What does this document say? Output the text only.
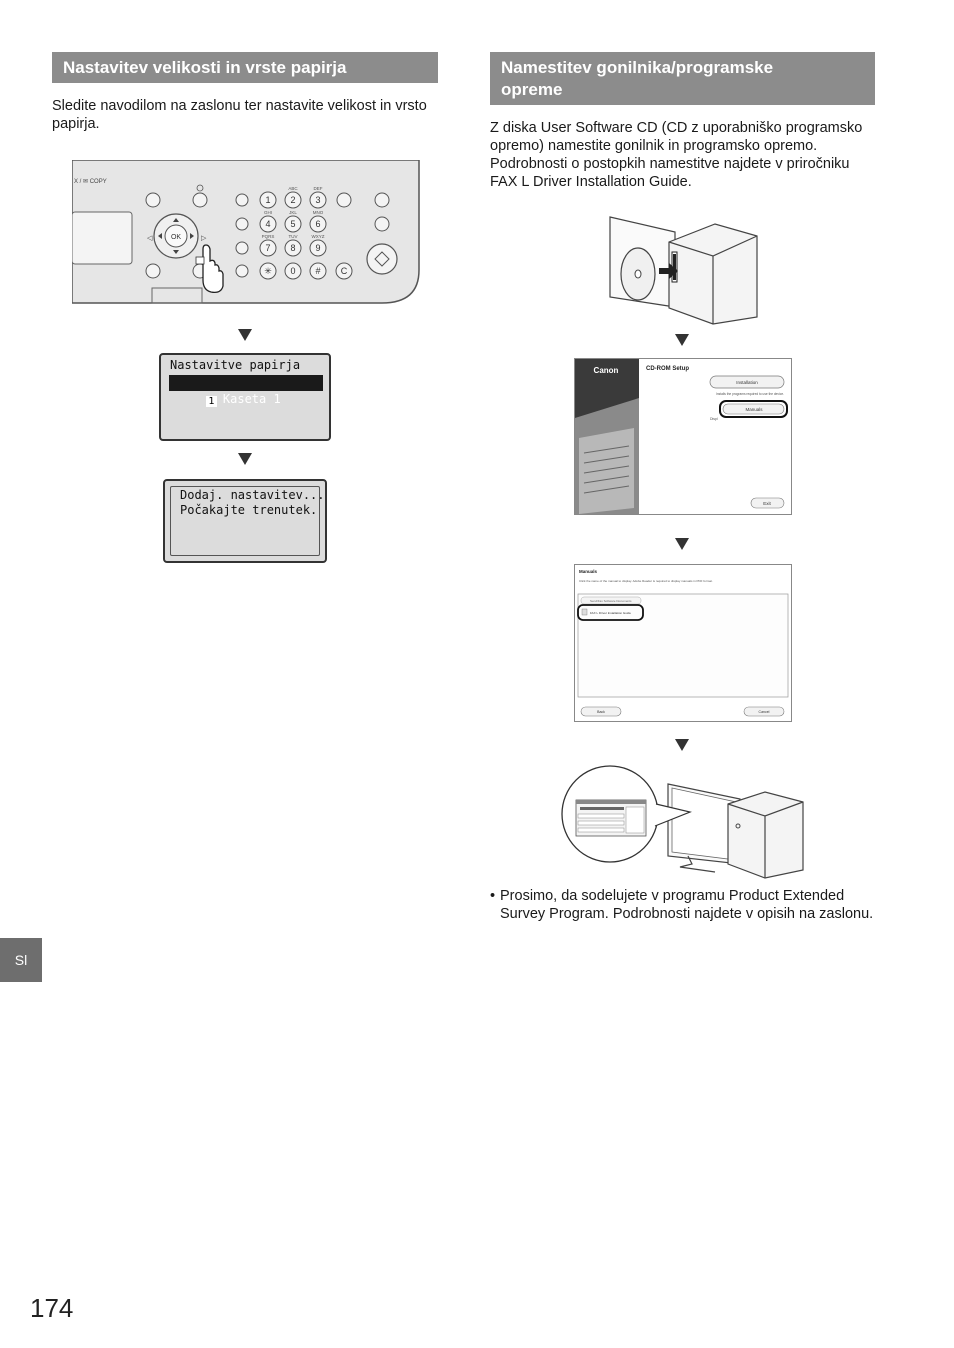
Nastavitev velikosti in vrste papirja
Sledite navodilom na zaslonu ter nastavite velikost in vrsto
papirja.
X / ✉ COPY
OK
◁	▷
1 2 3
4 5 6
7 8 9
✳ 0 # C
ABC	DEF
GHI	JKL	MNO
PQRS	TUV	WXYZ
Nastavitve papirja

1 Kaseta 1

Dodaj. nastavitev...
Počakajte trenutek.
Namestitev gonilnika/programske
opreme
Z diska User Software CD (CD z uporabniško programsko
opremo) namestite gonilnik in programsko opremo.
Podrobnosti o postopkih namestitve najdete v priročniku
FAX L Driver Installation Guide.
Canon	CD-ROM Setup
Installation
Installs the programs required to use the device.
Manuals
Displ
Exit
Manuals
Click the name of the manual to display. Adobe Reader is required to display manuals in PDF format.
Send/Fax Software Documents
FAX L Driver Installation Guide
Back	Cancel
• Prosimo, da sodelujete v programu Product Extended
Survey Program. Podrobnosti najdete v opisih na zaslonu.
Sl
174
